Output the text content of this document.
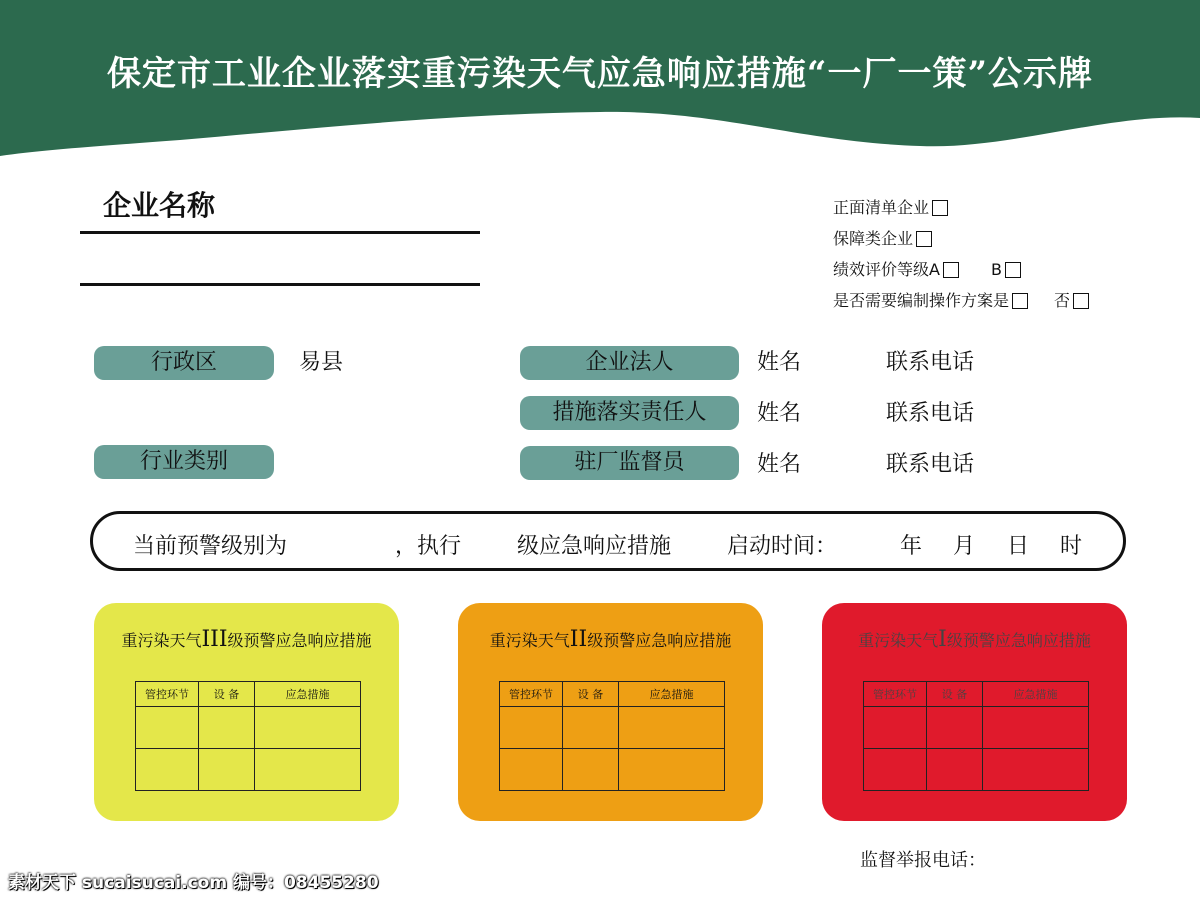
保定市工业企业落实重污染天气应急响应措施“一厂一策”公示牌
企业名称	正面清单企业
保障类企业
绩效评价等级A	B
是否需要编制操作方案是	否
行政区	易县
行业类别
企业法人	姓名	联系电话
措施落实责任人	姓名	联系电话
驻厂监督员	姓名	联系电话
当前预警级别为	，执行	级应急响应措施	启动时间：	年 月 日 时
重污染天气III级预警应急响应措施
管控环节	设 备	应急措施

重污染天气II级预警应急响应措施
管控环节	设 备	应急措施

重污染天气I级预警应急响应措施
管控环节	设 备	应急措施

监督举报电话：
素材天下 sucaisucai.com 编号：08455280
